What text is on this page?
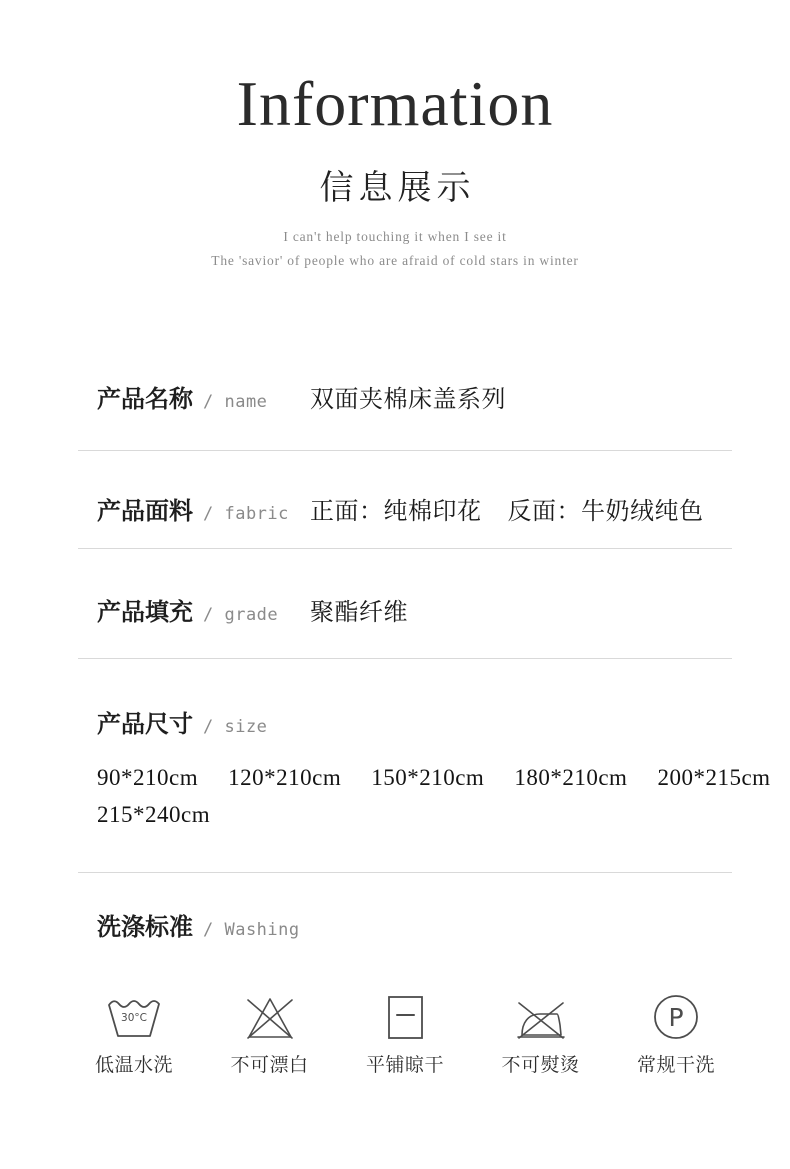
Information
信息展示
I can't help touching it when I see it
The 'savior' of people who are afraid of cold stars in winter
产品名称 / name 双面夹棉床盖系列
产品面料 / fabric 正面：纯棉印花 反面：牛奶绒纯色
产品填充 / grade 聚酯纤维
产品尺寸 / size
90*210cm 120*210cm 150*210cm 180*210cm 200*215cm
215*240cm
洗涤标准 / Washing
30°C
低温水洗	不可漂白	平铺晾干	不可熨烫
P
常规干洗
